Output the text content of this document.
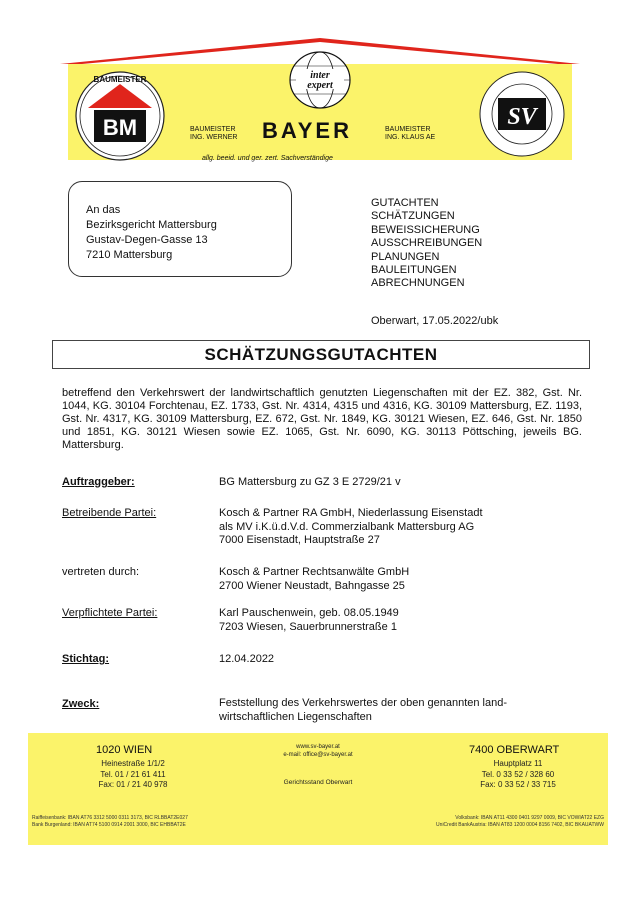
BM
BAUMEISTER	inter
expert
SV
BAUMEISTER
ING. WERNER BAYER	BAUMEISTER
ING. KLAUS AE
allg. beeid. und ger. zert. Sachverständige
An das
Bezirksgericht Mattersburg
Gustav-Degen-Gasse 13
7210 Mattersburg
GUTACHTEN
SCHÄTZUNGEN
BEWEISSICHERUNG
AUSSCHREIBUNGEN
PLANUNGEN
BAULEITUNGEN
ABRECHNUNGEN
Oberwart, 17.05.2022/ubk
SCHÄTZUNGSGUTACHTEN
betreffend den Verkehrswert der landwirtschaftlich genutzten Liegenschaften mit der EZ. 382, Gst. Nr. 1044, KG. 30104 Forchtenau, EZ. 1733, Gst. Nr. 4314, 4315 und 4316, KG. 30109 Mattersburg, EZ. 1193, Gst. Nr. 4317, KG. 30109 Mattersburg, EZ. 672, Gst. Nr. 1849, KG. 30121 Wiesen, EZ. 646, Gst. Nr. 1850 und 1851, KG. 30121 Wiesen sowie EZ. 1065, Gst. Nr. 6090, KG. 30113 Pöttsching, jeweils BG. Mattersburg.
Auftraggeber:	BG Mattersburg zu GZ 3 E 2729/21 v
Betreibende Partei:	Kosch & Partner RA GmbH, Niederlassung Eisenstadt
als MV i.K.ü.d.V.d. Commerzialbank Mattersburg AG
7000 Eisenstadt, Hauptstraße 27
vertreten durch:	Kosch & Partner Rechtsanwälte GmbH
2700 Wiener Neustadt, Bahngasse 25
Verpflichtete Partei:	Karl Pauschenwein, geb. 08.05.1949
7203 Wiesen, Sauerbrunnerstraße 1
Stichtag:	12.04.2022
Zweck:	Feststellung des Verkehrswertes der oben genannten land-
wirtschaftlichen Liegenschaften
1020 WIEN
Heinestraße 1/1/2
Tel. 01 / 21 61 411
Fax: 01 / 21 40 978
www.sv-bayer.at
e-mail: office@sv-bayer.at
Gerichtsstand Oberwart
7400 OBERWART
Hauptplatz 11
Tel. 0 33 52 / 328 60
Fax: 0 33 52 / 33 715
Raiffeisenbank: IBAN AT76 3312 5000 0311 3173, BIC RLBBAT2E027
Bank Burgenland: IBAN AT74 5100 0914 2001 3000, BIC EHBBAT2E
Volksbank: IBAN AT11 4300 0401 9297 0009, BIC VOWIAT22 EZG
UniCredit BankAustria: IBAN AT83 1200 0004 8156 7402, BIC BKAUATWW
